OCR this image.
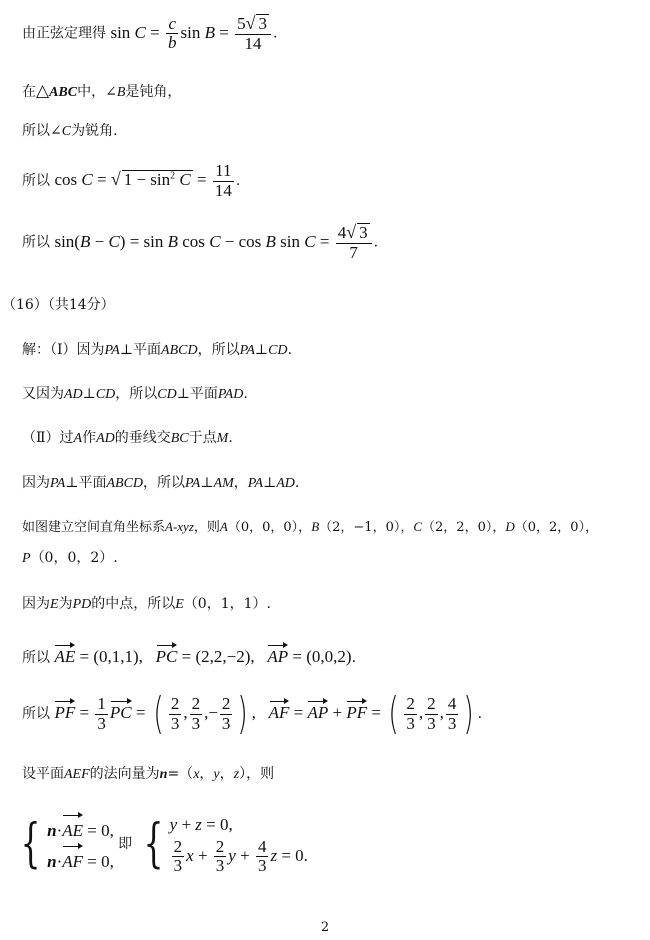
由正弦定理得 $\sin C = \frac{c}{b}$ $\sin B = \frac{5√ 3}{14}$ .
在△ABC中，∠B是钝角，
所以∠C为锐角.
所以 cos C = √ $1 - \sin^2 C = \frac{11}{14}$ .
所以 sin(B − C) = sin B cos C − cos B $\sin C = \frac{4√ 3}{7}$ .
（16）（共14分）
解：（Ⅰ）因为PA⊥平面ABCD，所以PA⊥CD.
又因为AD⊥CD，所以CD⊥平面PAD.
（Ⅱ）过A作AD的垂线交BC于点M.
因为PA⊥平面ABCD，所以PA⊥AM，PA⊥AD.
如图建立空间直角坐标系A-xyz，则A（0，0，0），B（2，−1，0），C（2，2，0），D（0，2，0），
P（0，0，2）.
因为E为PD的中点，所以E（0，1，1）.
所以 AE = (0,1,1),   PC = (2,2,−2),   AP = (0,0,2).
所以 PF = $\frac{1}{3}$ PC = ( $\frac{2}{3}$ , $\frac{2}{3}$ ,− $\frac{2}{3}$ ) ,   AF = AP + PF = ( $\frac{2}{3}$ , $\frac{2}{3}$ , $\frac{4}{3}$ ) .
设平面AEF的法向量为n=（x，y，z），则
{ n·AE = 0,
n·AF = 0, 即 { y + z = 0,

$\frac{2}{3}$ $x + \frac{2}{3}$ $y + \frac{4}{3}$ z = 0.
2
